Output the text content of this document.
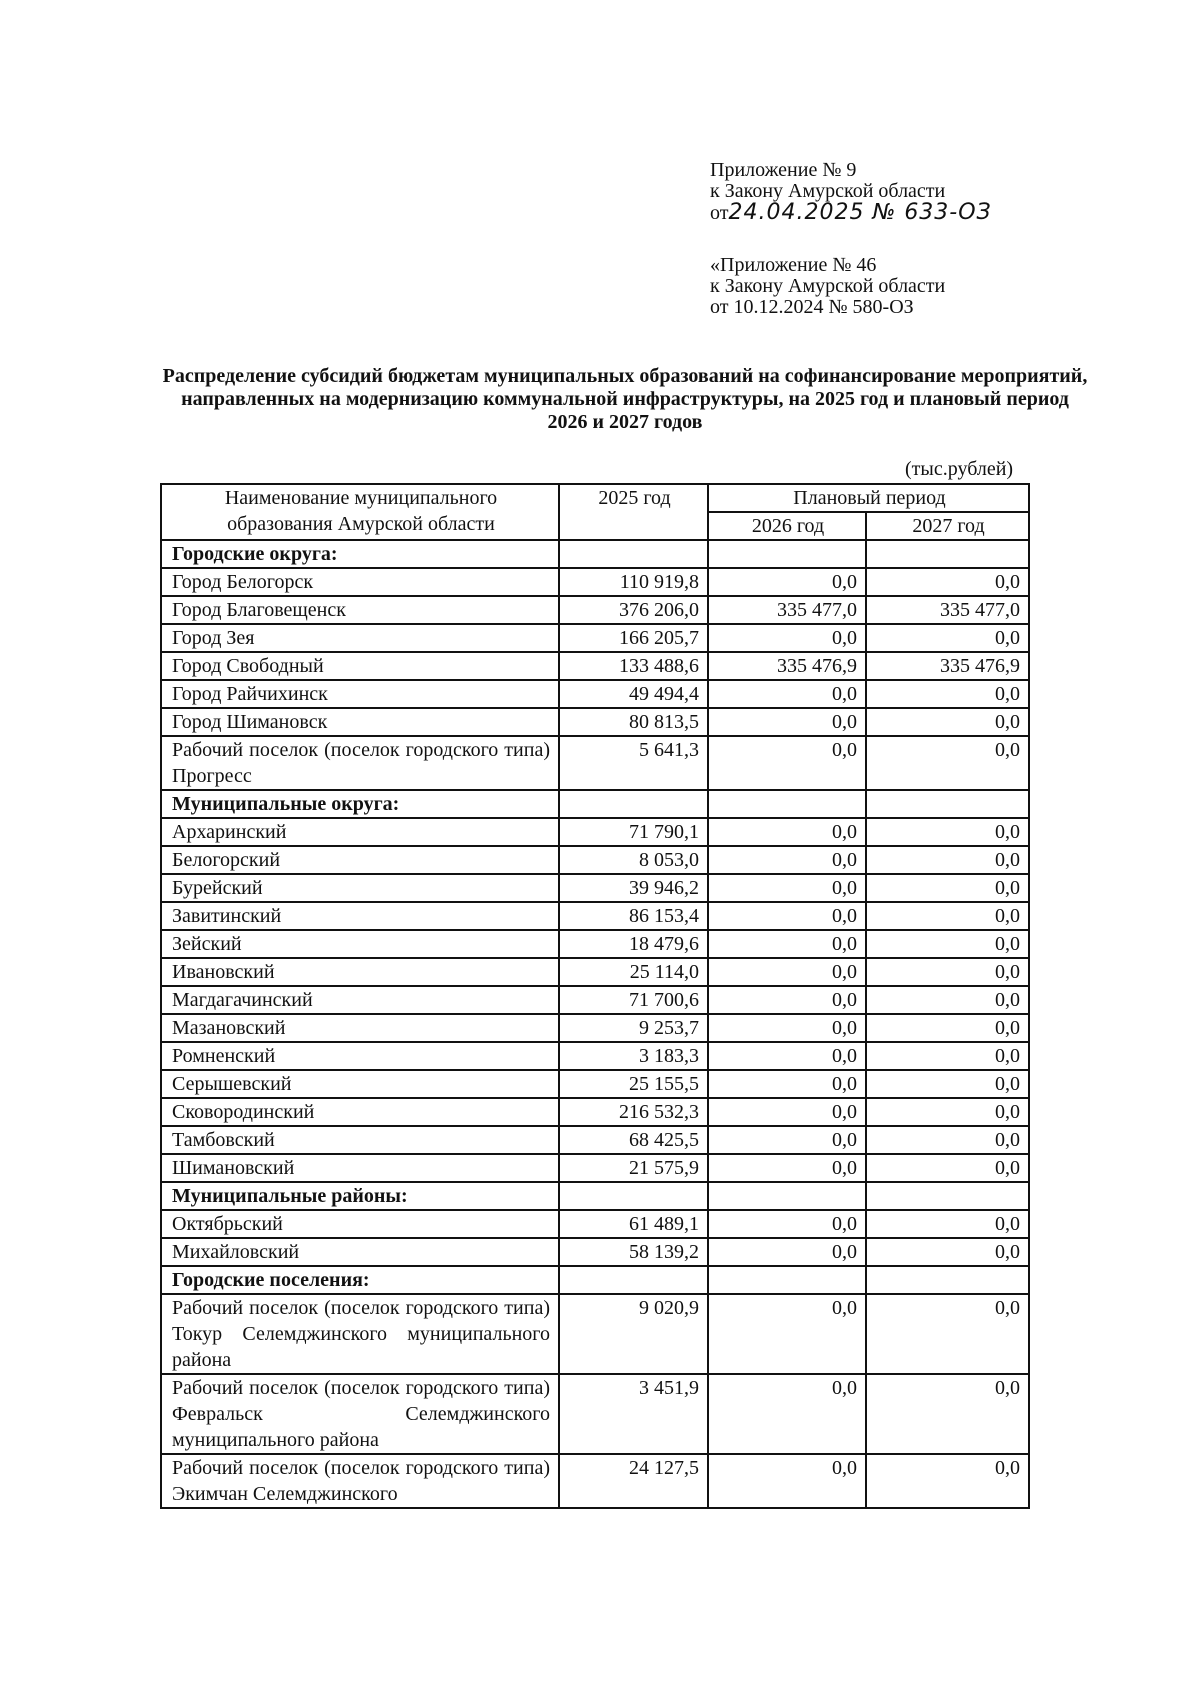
Приложение № 9
к Закону Амурской области
от24.04.2025 № 633-ОЗ
«Приложение № 46
к Закону Амурской области
от 10.12.2024 № 580-ОЗ
Распределение субсидий бюджетам муниципальных образований на софинансирование мероприятий, направленных на модернизацию коммунальной инфраструктуры, на 2025 год и плановый период 2026 и 2027 годов
(тыс.рублей)
Наименование муниципального образования Амурской области	2025 год	Плановый период	
		2026 год	2027 год
Городские округа:			
Город Белогорск	110 919,8	0,0	0,0
Город Благовещенск	376 206,0	335 477,0	335 477,0
Город Зея	166 205,7	0,0	0,0
Город Свободный	133 488,6	335 476,9	335 476,9
Город Райчихинск	49 494,4	0,0	0,0
Город Шимановск	80 813,5	0,0	0,0
Рабочий поселок (поселок городского типа) Прогресс	5 641,3	0,0	0,0
Муниципальные округа:			
Архаринский	71 790,1	0,0	0,0
Белогорский	8 053,0	0,0	0,0
Бурейский	39 946,2	0,0	0,0
Завитинский	86 153,4	0,0	0,0
Зейский	18 479,6	0,0	0,0
Ивановский	25 114,0	0,0	0,0
Магдагачинский	71 700,6	0,0	0,0
Мазановский	9 253,7	0,0	0,0
Ромненский	3 183,3	0,0	0,0
Серышевский	25 155,5	0,0	0,0
Сковородинский	216 532,3	0,0	0,0
Тамбовский	68 425,5	0,0	0,0
Шимановский	21 575,9	0,0	0,0
Муниципальные районы:			
Октябрьский	61 489,1	0,0	0,0
Михайловский	58 139,2	0,0	0,0
Городские поселения:			
Рабочий поселок (поселок городского типа) Токур Селемджинского муниципального района	9 020,9	0,0	0,0
Рабочий поселок (поселок городского типа) Февральск Селемджинского муниципального района	3 451,9	0,0	0,0
Рабочий поселок (поселок городского типа) Экимчан Селемджинского	24 127,5	0,0	0,0
